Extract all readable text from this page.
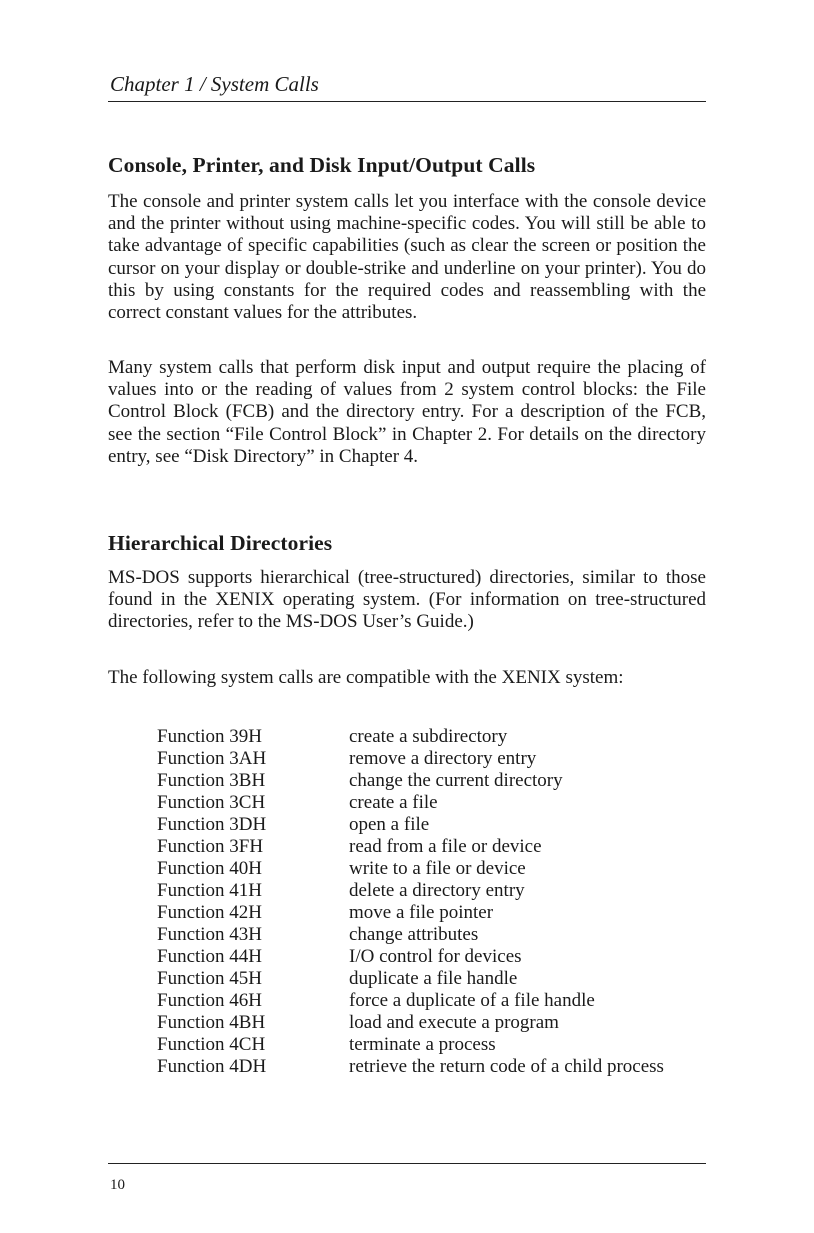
Chapter 1 / System Calls
Console, Printer, and Disk Input/Output Calls

The console and printer system calls let you interface with the console device and the printer without using machine-specific codes. You will still be able to take advantage of specific capabilities (such as clear the screen or position the cursor on your display or double-strike and underline on your printer). You do this by using constants for the required codes and reassembling with the correct constant values for the attributes.

Many system calls that perform disk input and output require the placing of values into or the reading of values from 2 system control blocks: the File Control Block (FCB) and the directory entry. For a description of the FCB, see the section “File Control Block” in Chapter 2. For details on the directory entry, see “Disk Directory” in Chapter 4.

Hierarchical Directories

MS-DOS supports hierarchical (tree-structured) directories, similar to those found in the XENIX operating system. (For information on tree-structured directories, refer to the MS-DOS User’s Guide.)

The following system calls are compatible with the XENIX system:

Function 39H	create a subdirectory
Function 3AH	remove a directory entry
Function 3BH	change the current directory
Function 3CH	create a file
Function 3DH	open a file
Function 3FH	read from a file or device
Function 40H	write to a file or device
Function 41H	delete a directory entry
Function 42H	move a file pointer
Function 43H	change attributes
Function 44H	I/O control for devices
Function 45H	duplicate a file handle
Function 46H	force a duplicate of a file handle
Function 4BH	load and execute a program
Function 4CH	terminate a process
Function 4DH	retrieve the return code of a child process
10
